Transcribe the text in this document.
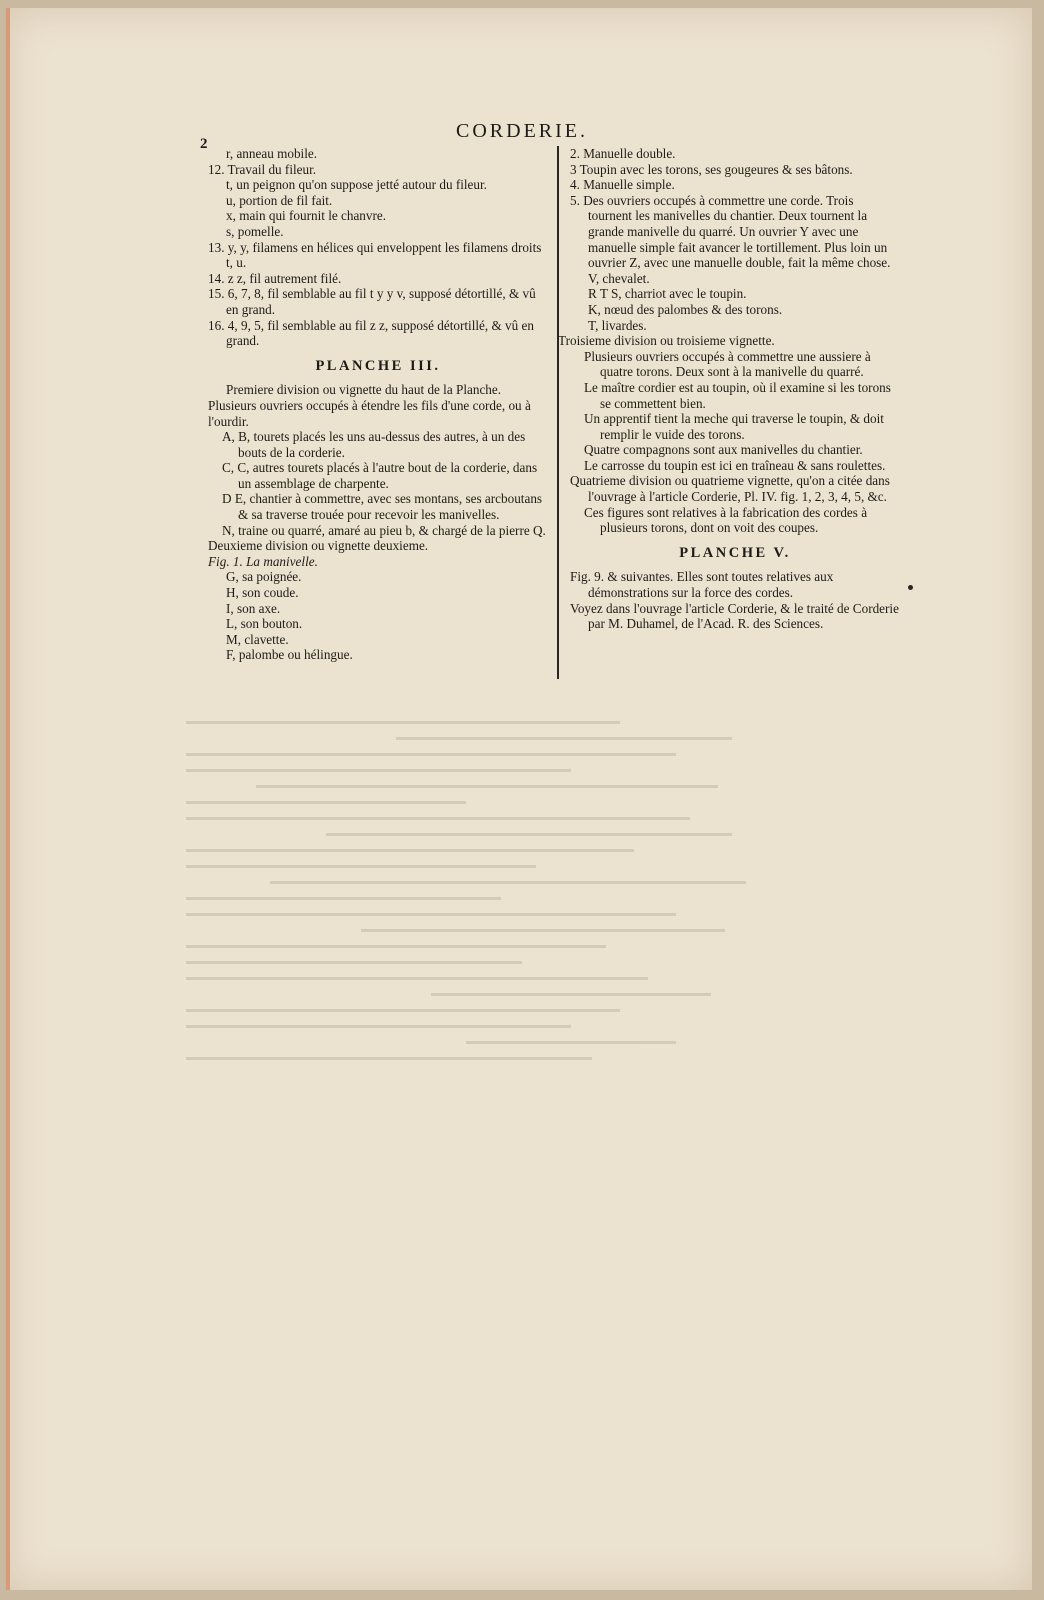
2
CORDERIE.
r, anneau mobile.
12. Travail du fileur.
t, un peignon qu'on suppose jetté autour du fileur.
u, portion de fil fait.
x, main qui fournit le chanvre.
s, pomelle.
13. y, y, filamens en hélices qui enveloppent les filamens droits t, u.
14. z z, fil autrement filé.
15. 6, 7, 8, fil semblable au fil t y y v, supposé détortillé, & vû en grand.
16. 4, 9, 5, fil semblable au fil z z, supposé détortillé, & vû en grand.
PLANCHE III.
Premiere division ou vignette du haut de la Planche.
Plusieurs ouvriers occupés à étendre les fils d'une corde, ou à l'ourdir.
A, B, tourets placés les uns au-dessus des autres, à un des bouts de la corderie.
C, C, autres tourets placés à l'autre bout de la corderie, dans un assemblage de charpente.
D E, chantier à commettre, avec ses montans, ses arcboutans & sa traverse trouée pour recevoir les manivelles.
N, traine ou quarré, amaré au pieu b, & chargé de la pierre Q.
Deuxieme division ou vignette deuxieme.
Fig. 1. La manivelle.
G, sa poignée.
H, son coude.
I, son axe.
L, son bouton.
M, clavette.
F, palombe ou hélingue.
2. Manuelle double.
3 Toupin avec les torons, ses gougeures & ses bâtons.
4. Manuelle simple.
5. Des ouvriers occupés à commettre une corde. Trois tournent les manivelles du chantier. Deux tournent la grande manivelle du quarré. Un ouvrier Y avec une manuelle simple fait avancer le tortillement. Plus loin un ouvrier Z, avec une manuelle double, fait la même chose.
V, chevalet.
R T S, charriot avec le toupin.
K, nœud des palombes & des torons.
T, livardes.
Troisieme division ou troisieme vignette.
Plusieurs ouvriers occupés à commettre une aussiere à quatre torons. Deux sont à la manivelle du quarré.
Le maître cordier est au toupin, où il examine si les torons se commettent bien.
Un apprentif tient la meche qui traverse le toupin, & doit remplir le vuide des torons.
Quatre compagnons sont aux manivelles du chantier.
Le carrosse du toupin est ici en traîneau & sans roulettes.
Quatrieme division ou quatrieme vignette, qu'on a citée dans l'ouvrage à l'article Corderie, Pl. IV. fig. 1, 2, 3, 4, 5, &c.
Ces figures sont relatives à la fabrication des cordes à plusieurs torons, dont on voit des coupes.
PLANCHE V.
Fig. 9. & suivantes. Elles sont toutes relatives aux démonstrations sur la force des cordes.
Voyez dans l'ouvrage l'article Corderie, & le traité de Corderie par M. Duhamel, de l'Acad. R. des Sciences.
